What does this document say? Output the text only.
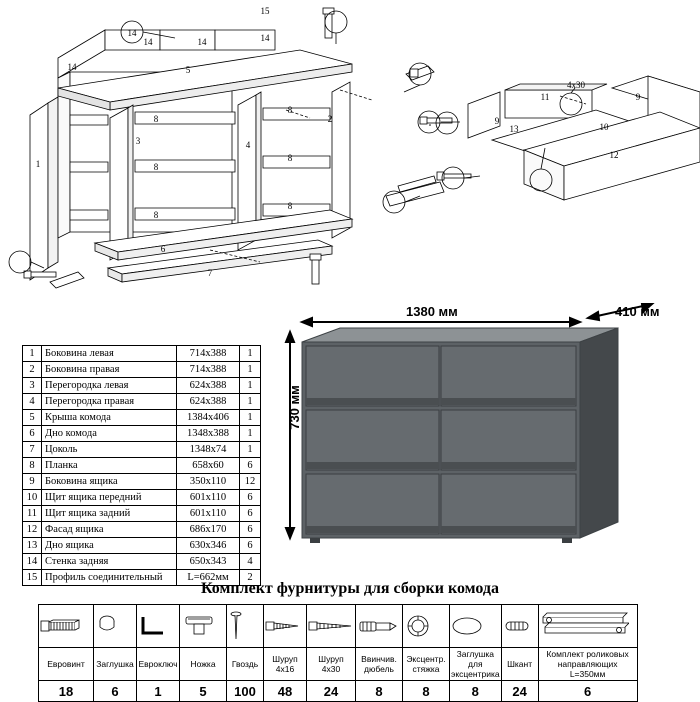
15
14
14	14	14
14	5
1
3
8
8
8
8
8
8
4
2
6
7
9
11	9
13	10
12
4х30
1	Боковина левая	714х388	1
2	Боковина правая	714х388	1
3	Перегородка левая	624х388	1
4	Перегородка правая	624х388	1
5	Крыша комода	1384х406	1
6	Дно комода	1348х388	1
7	Цоколь	1348х74	1
8	Планка	658х60	6
9	Боковина ящика	350х110	12
10	Щит ящика передний	601х110	6
11	Щит ящика задний	601х110	6
12	Фасад ящика	686х170	6
13	Дно ящика	630х346	6
14	Стенка задняя	650х343	4
15	Профиль соединительный	L=662мм	2
1380 мм	410 мм
730 мм
Комплект фурнитуры для сборки комода

Евровинт	Заглушка	Евроключ	Ножка	Гвоздь	Шуруп 4х16	Шуруп 4х30	Ввинчив. дюбель	Эксцентр. стяжка	Заглушка для эксцентрика	Шкант	Комплект роликовых направляющих L=350мм
18	6	1	5	100	48	24	8	8	8	24	6
